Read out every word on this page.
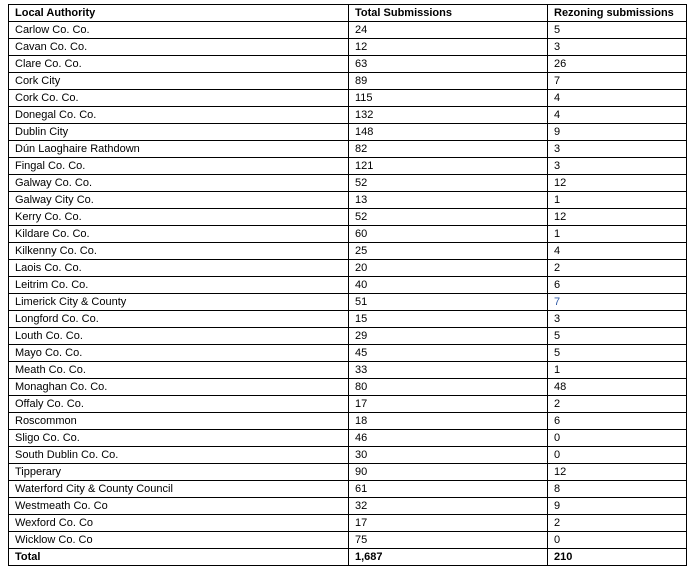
Local Authority	Total Submissions	Rezoning submissions
Carlow Co. Co.	24	5
Cavan Co. Co.	12	3
Clare Co. Co.	63	26
Cork City	89	7
Cork Co. Co.	115	4
Donegal Co. Co.	132	4
Dublin City	148	9
Dún Laoghaire Rathdown	82	3
Fingal Co. Co.	121	3
Galway Co. Co.	52	12
Galway City Co.	13	1
Kerry Co. Co.	52	12
Kildare Co. Co.	60	1
Kilkenny Co. Co.	25	4
Laois Co. Co.	20	2
Leitrim Co. Co.	40	6
Limerick City & County	51	7
Longford Co. Co.	15	3
Louth Co. Co.	29	5
Mayo Co. Co.	45	5
Meath Co. Co.	33	1
Monaghan Co. Co.	80	48
Offaly Co. Co.	17	2
Roscommon	18	6
Sligo Co. Co.	46	0
South Dublin Co. Co.	30	0
Tipperary	90	12
Waterford City & County Council	61	8
Westmeath Co. Co	32	9
Wexford Co. Co	17	2
Wicklow Co. Co	75	0
Total	1,687	210
